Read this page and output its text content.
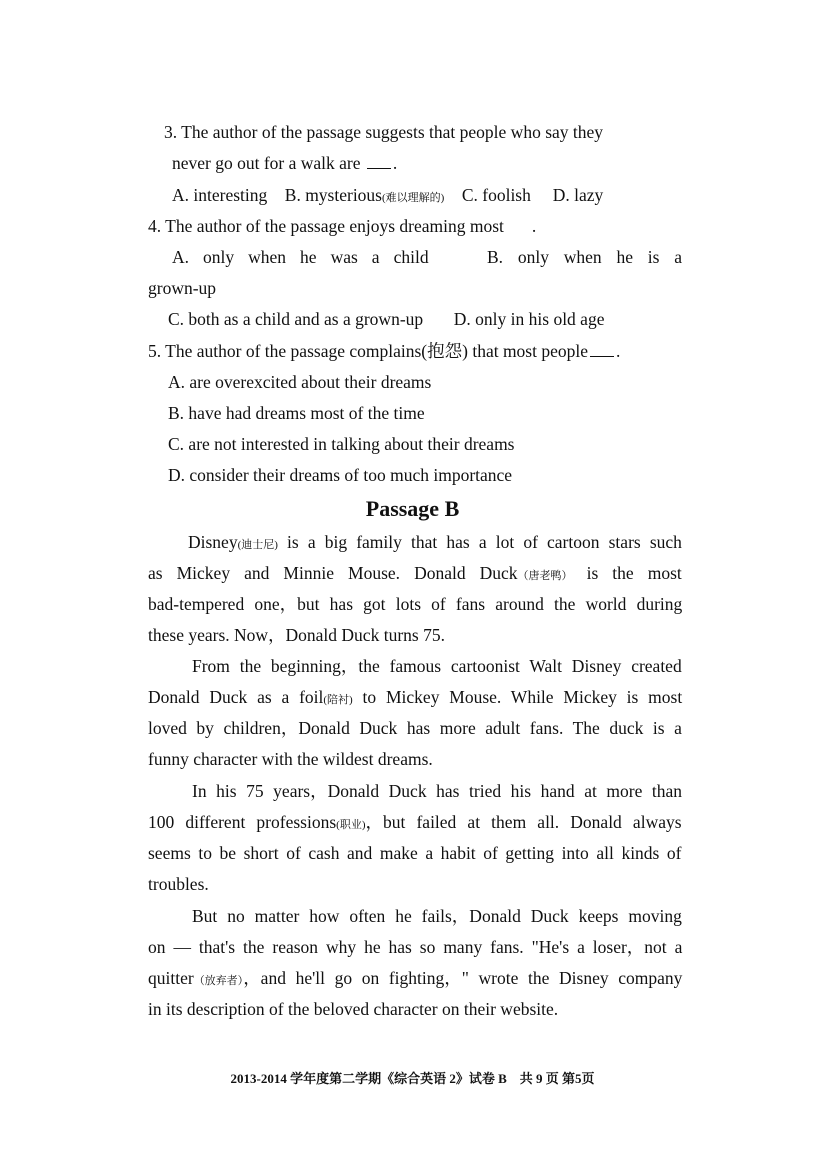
3. The author of the passage suggests that people who say they
never go out for a walk are .
A. interesting B. mysterious(难以理解的) C. foolish D. lazy
4. The author of the passage enjoys dreaming most .
A. only when he was a child	B. only when he is a
grown-up
C. both as a child and as a grown-up D. only in his old age
5. The author of the passage complains(抱怨) that most people .
A. are overexcited about their dreams
B. have had dreams most of the time
C. are not interested in talking about their dreams
D. consider their dreams of too much importance
Passage B
Disney(迪士尼) is a big family that has a lot of cartoon stars such
as Mickey and Minnie Mouse. Donald Duck（唐老鸭） is the most
bad-tempered one，but has got lots of fans around the world during
these years. Now，Donald Duck turns 75.
From the beginning，the famous cartoonist Walt Disney created
Donald Duck as a foil(陪衬) to Mickey Mouse. While Mickey is most
loved by children，Donald Duck has more adult fans. The duck is a
funny character with the wildest dreams.
In his 75 years，Donald Duck has tried his hand at more than
100 different professions(职业)，but failed at them all. Donald always
seems to be short of cash and make a habit of getting into all kinds of
troubles.
But no matter how often he fails，Donald Duck keeps moving
on — that's the reason why he has so many fans. "He's a loser，not a
quitter（放弃者），and he'll go on fighting，" wrote the Disney company
in its description of the beloved character on their website.
2013-2014 学年度第二学期《综合英语 2》试卷 B    共 9 页 第5页
